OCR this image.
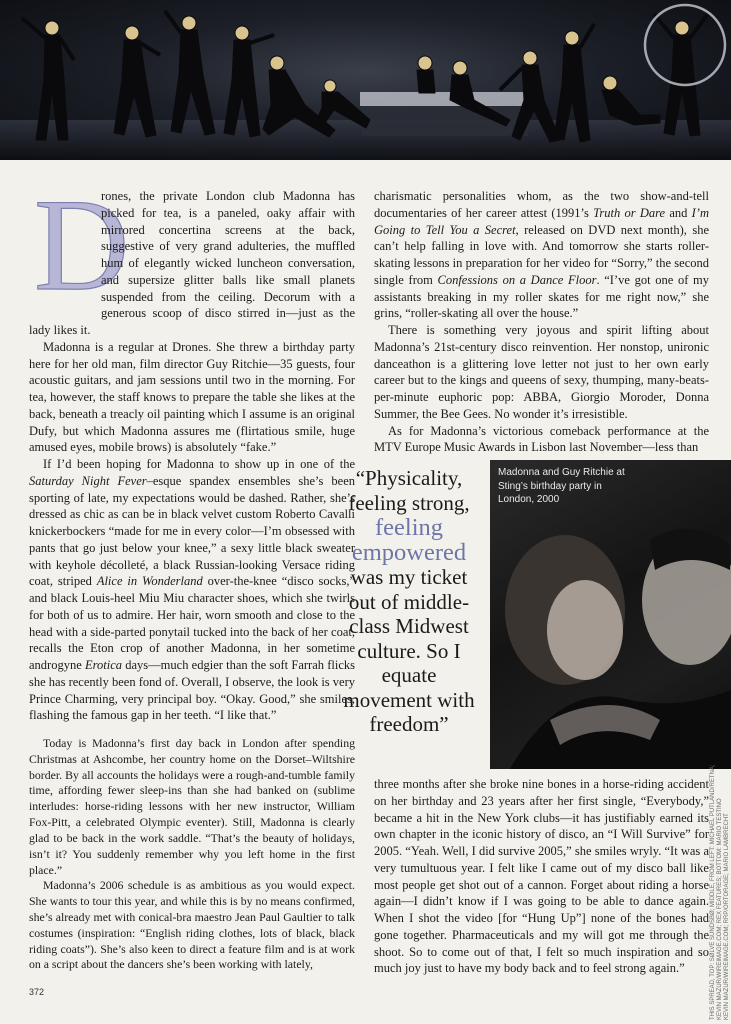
D

rones, the private London club Madonna has picked for tea, is a paneled, oaky affair with mirrored concertina screens at the back, suggestive of very grand adulteries, the muffled hum of elegantly wicked luncheon conversation, and supersize glitter balls like small planets suspended from the ceiling. Decorum with a generous scoop of disco stirred in—just as the lady likes it.

Madonna is a regular at Drones. She threw a birthday party here for her old man, film director Guy Ritchie—35 guests, four acoustic guitars, and jam sessions until two in the morning. For tea, however, the staff knows to prepare the table she likes at the back, beneath a treacly oil painting which I assume is an original Dufy, but which Madonna assures me (flirtatious smile, huge amused eyes, mobile brows) is absolutely “fake.”

If I’d been hoping for Madonna to show up in one of the Saturday Night Fever–esque spandex ensembles she’s been sporting of late, my expectations would be dashed. Rather, she’s dressed as chic as can be in black velvet custom Roberto Cavalli knickerbockers “made for me in every color—I’m obsessed with pants that go just below your knee,” a sexy little black sweater with keyhole décolleté, a black Russian-looking Versace riding coat, striped Alice in Wonderland over-the-knee “disco socks,” and black Louis-heel Miu Miu character shoes, which she twirls for both of us to admire. Her hair, worn smooth and close to the head with a side-parted ponytail tucked into the back of her coat, recalls the Eton crop of another Madonna, in her sometime androgyne Erotica days—much edgier than the soft Farrah flicks she has recently been fond of. Overall, I observe, the look is very Prince Charming, very principal boy. “Okay. Good,” she smiles, flashing the famous gap in her teeth. “I like that.”

charismatic personalities whom, as the two show-and-tell documentaries of her career attest (1991’s Truth or Dare and I’m Going to Tell You a Secret, released on DVD next month), she can’t help falling in love with. And tomorrow she starts roller-skating lessons in preparation for her video for “Sorry,” the second single from Confessions on a Dance Floor. “I’ve got one of my assistants breaking in my roller skates for me right now,” she grins, “roller-skating all over the house.”

There is something very joyous and spirit lifting about Madonna’s 21st-century disco reinvention. Her nonstop, unironic danceathon is a glittering love letter not just to her own early career but to the kings and queens of sexy, thumping, many-beats-per-minute euphoric pop: ABBA, Giorgio Moroder, Donna Summer, the Bee Gees. No wonder it’s irresistible.

As for Madonna’s victorious comeback performance at the MTV Europe Music Awards in Lisbon last November—less than

“Physicality, feeling strong,
feeling empowered
was my ticket out of middle-class Midwest culture. So I equate movement with freedom”
Madonna and Guy Ritchie at Sting’s birthday party in London, 2000

Today is Madonna’s first day back in London after spending Christmas at Ashcombe, her country home on the Dorset–Wiltshire border. By all accounts the holidays were a rough-and-tumble family time, affording fewer sleep-ins than she had banked on (sublime interludes: horse-riding lessons with her new instructor, William Fox-Pitt, a celebrated Olympic eventer). Still, Madonna is clearly glad to be back in the work saddle. “That’s the beauty of holidays, isn’t it? You suddenly remember why you left home in the first place.”

Madonna’s 2006 schedule is as ambitious as you would expect. She wants to tour this year, and while this is by no means confirmed, she’s already met with conical-bra maestro Jean Paul Gaultier to talk costumes (inspiration: “English riding clothes, lots of black, black riding coats”). She’s also keen to direct a feature film and is at work on a script about the dancers she’s been working with lately,

three months after she broke nine bones in a horse-riding accident on her birthday and 23 years after her first single, “Everybody,” became a hit in the New York clubs—it has justifiably earned its own chapter in the iconic history of disco, an “I Will Survive” for 2005. “Yeah. Well, I did survive 2005,” she smiles wryly. “It was a very tumultuous year. I felt like I came out of my disco ball like most people get shot out of a cannon. Forget about riding a horse again—I didn’t know if I was going to be able to dance again. When I shot the video [for “Hung Up”] none of the bones had gone together. Pharmaceuticals and my will got me through the shoot. So to come out of that, I felt so much inspiration and so much joy just to have my body back and to feel strong again.”	THIS SPREAD, TOP: SØLVE SUNDSBØ; MIDDLE, FROM LEFT: MICHAEL PUTLAND/RETNA; KEVIN MAZUR/WIREIMAGE.COM; REX FEATURES; BOTTOM: MARIO TESTINO KEVIN MAZUR/WIREIMAGE.COM; RRP/ORTORAGE; MARIO LAMBRECHT
372
